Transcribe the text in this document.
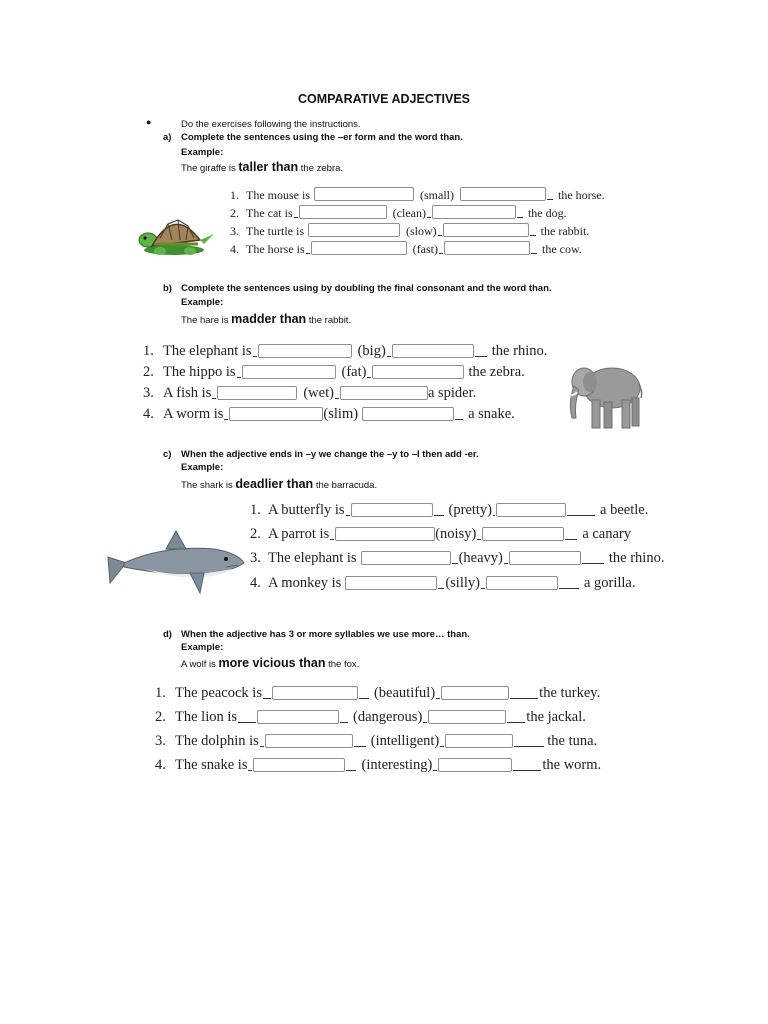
COMPARATIVE ADJECTIVES
●	Do the exercises following the instructions.
a) Complete the sentences using the –er form and the word than.
Example:
The giraffe is taller than the zebra.
1. The mouse is	(small)	the horse.
2. The cat is	(clean)	the dog.
3. The turtle is	(slow)	the rabbit.
4. The horse is	(fast)	the cow.
b) Complete the sentences using by doubling the final consonant and the word than.
Example:
The hare is madder than the rabbit.
1. The elephant is	(big)	the rhino.
2. The hippo is	(fat)	the zebra.
3. A fish is	(wet)	a spider.
4. A worm is	(slim)	a snake.
c) When the adjective ends in –y we change the –y to –I then add -er.
Example:
The shark is deadlier than the barracuda.
1. A butterfly is	(pretty)	a beetle.
2. A parrot is	(noisy)	a canary
3. The elephant is	(heavy)	the rhino.
4. A monkey is	(silly)	a gorilla.
d) When the adjective has 3 or more syllables we use more… than.
Example:
A wolf is more vicious than the fox.
1. The peacock is	(beautiful)	the turkey.
2. The lion is	(dangerous)	the jackal.
3. The dolphin is	(intelligent)	the tuna.
4. The snake is	(interesting)	the worm.
